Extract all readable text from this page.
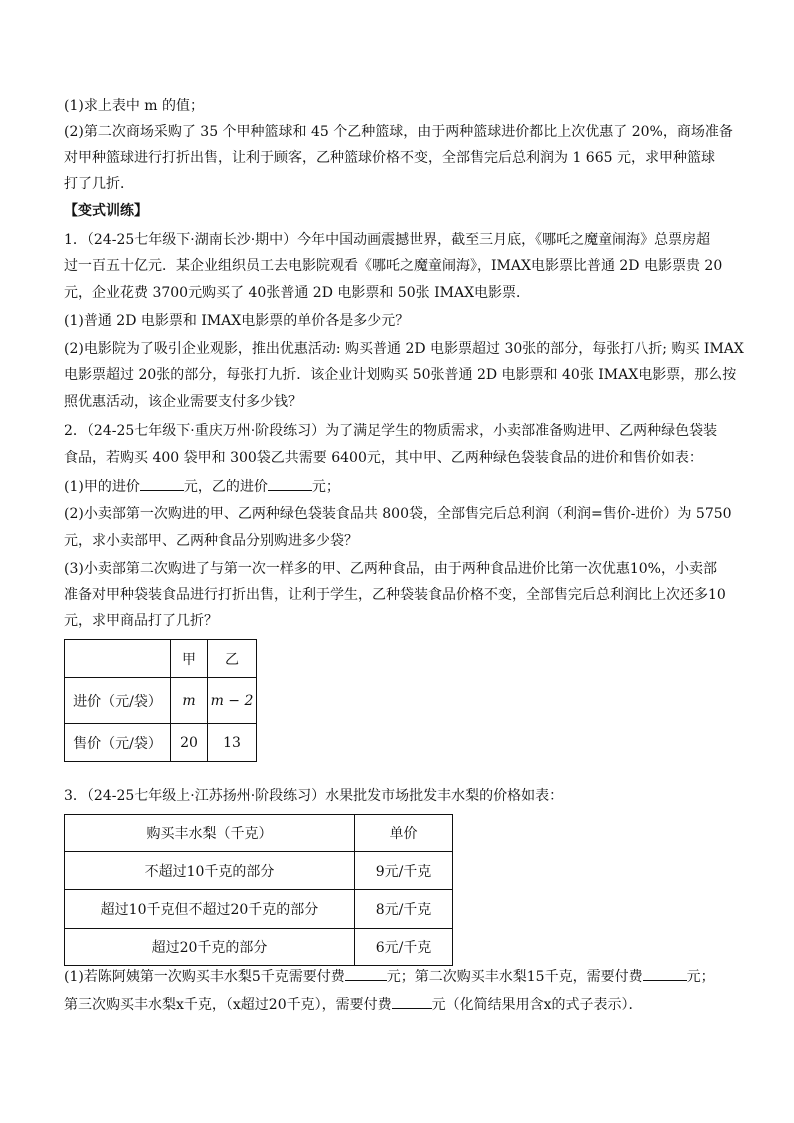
(1)求上表中 m 的值；
(2)第二次商场采购了 35 个甲种篮球和 45 个乙种篮球，由于两种篮球进价都比上次优惠了 20%，商场准备
对甲种篮球进行打折出售，让利于顾客，乙种篮球价格不变，全部售完后总利润为 1 665 元，求甲种篮球
打了几折．
【变式训练】
1．（24-25七年级下·湖南长沙·期中）今年中国动画震撼世界，截至三月底，《哪吒之魔童闹海》总票房超
过一百五十亿元．某企业组织员工去电影院观看《哪吒之魔童闹海》，IMAX电影票比普通 2D 电影票贵 20
元，企业花费 3700元购买了 40张普通 2D 电影票和 50张 IMAX电影票．
(1)普通 2D 电影票和 IMAX电影票的单价各是多少元？
(2)电影院为了吸引企业观影，推出优惠活动: 购买普通 2D 电影票超过 30张的部分，每张打八折; 购买 IMAX
电影票超过 20张的部分，每张打九折．该企业计划购买 50张普通 2D 电影票和 40张 IMAX电影票，那么按
照优惠活动，该企业需要支付多少钱？
2．（24-25七年级下·重庆万州·阶段练习）为了满足学生的物质需求，小卖部准备购进甲、乙两种绿色袋装
食品，若购买 400 袋甲和 300袋乙共需要 6400元，其中甲、乙两种绿色袋装食品的进价和售价如表：
(1)甲的进价	元，乙的进价	元；
(2)小卖部第一次购进的甲、乙两种绿色袋装食品共 800袋，全部售完后总利润（利润=售价-进价）为 5750
元，求小卖部甲、乙两种食品分别购进多少袋？
(3)小卖部第二次购进了与第一次一样多的甲、乙两种食品，由于两种食品进价比第一次优惠10%，小卖部
准备对甲种袋装食品进行打折出售，让利于学生，乙种袋装食品价格不变，全部售完后总利润比上次还多10
元，求甲商品打了几折？
	甲	乙
进价（元/袋）	m	m − 2
售价（元/袋）	20	13
3．（24-25七年级上·江苏扬州·阶段练习）水果批发市场批发丰水梨的价格如表：
购买丰水梨（千克）	单价
不超过10千克的部分	9元/千克
超过10千克但不超过20千克的部分	8元/千克
超过20千克的部分	6元/千克
(1)若陈阿姨第一次购买丰水梨5千克需要付费	元；第二次购买丰水梨15千克，需要付费	元；
第三次购买丰水梨x千克，（x超过20千克），需要付费	元（化简结果用含x的式子表示）．
